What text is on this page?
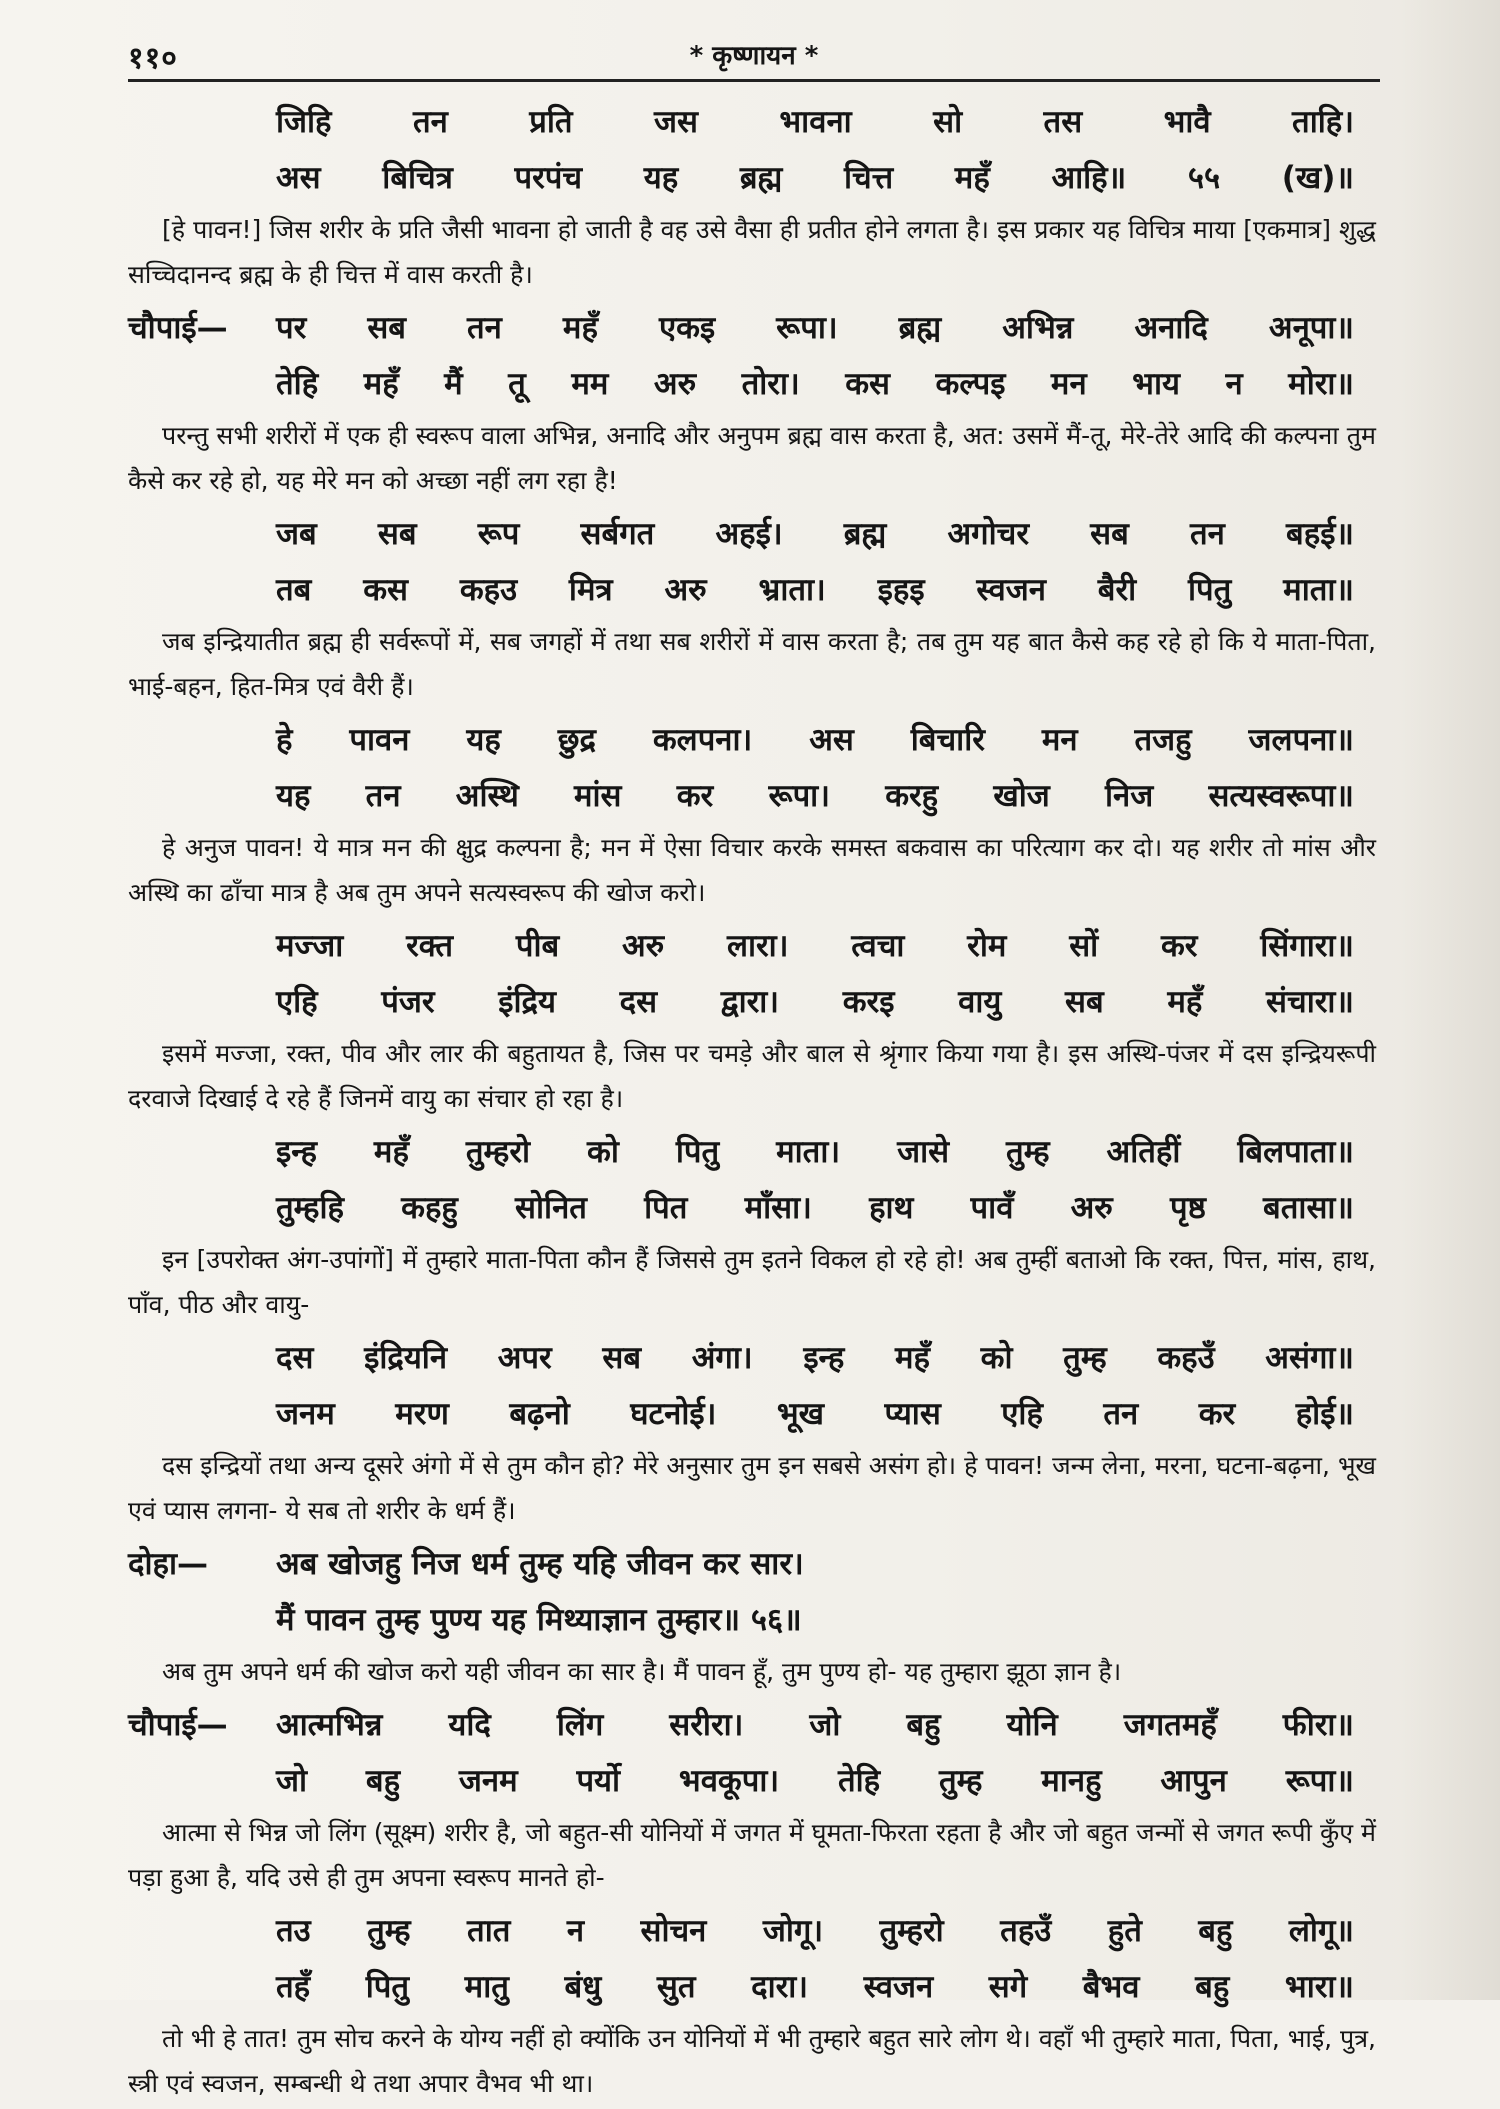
११०	* कृष्णायन *
जिहि तन प्रति जस भावना सो तस भावै ताहि।
अस बिचित्र परपंच यह ब्रह्म चित्त महँ आहि॥ ५५ (ख)॥
[हे पावन!] जिस शरीर के प्रति जैसी भावना हो जाती है वह उसे वैसा ही प्रतीत होने लगता है। इस प्रकार यह विचित्र माया [एकमात्र] शुद्ध सच्चिदानन्द ब्रह्म के ही चित्त में वास करती है।
चौपाई— पर सब तन महँ एकइ रूपा। ब्रह्म अभिन्न अनादि अनूपा॥
तेहि महँ मैं तू मम अरु तोरा। कस कल्पइ मन भाय न मोरा॥
परन्तु सभी शरीरों में एक ही स्वरूप वाला अभिन्न, अनादि और अनुपम ब्रह्म वास करता है, अत: उसमें मैं-तू, मेरे-तेरे आदि की कल्पना तुम कैसे कर रहे हो, यह मेरे मन को अच्छा नहीं लग रहा है!
जब सब रूप सर्बगत अहई। ब्रह्म अगोचर सब तन बहई॥
तब कस कहउ मित्र अरु भ्राता। इहइ स्वजन बैरी पितु माता॥
जब इन्द्रियातीत ब्रह्म ही सर्वरूपों में, सब जगहों में तथा सब शरीरों में वास करता है; तब तुम यह बात कैसे कह रहे हो कि ये माता-पिता, भाई-बहन, हित-मित्र एवं वैरी हैं।
हे पावन यह छुद्र कलपना। अस बिचारि मन तजहु जलपना॥
यह तन अस्थि मांस कर रूपा। करहु खोज निज सत्यस्वरूपा॥
हे अनुज पावन! ये मात्र मन की क्षुद्र कल्पना है; मन में ऐसा विचार करके समस्त बकवास का परित्याग कर दो। यह शरीर तो मांस और अस्थि का ढाँचा मात्र है अब तुम अपने सत्यस्वरूप की खोज करो।
मज्जा रक्त पीब अरु लारा। त्वचा रोम सों कर सिंगारा॥
एहि पंजर इंद्रिय दस द्वारा। करइ वायु सब महँ संचारा॥
इसमें मज्जा, रक्त, पीव और लार की बहुतायत है, जिस पर चमड़े और बाल से श्रृंगार किया गया है। इस अस्थि-पंजर में दस इन्द्रियरूपी दरवाजे दिखाई दे रहे हैं जिनमें वायु का संचार हो रहा है।
इन्ह महँ तुम्हरो को पितु माता। जासे तुम्ह अतिहीं बिलपाता॥
तुम्हहि कहहु सोनित पित माँसा। हाथ पावँ अरु पृष्ठ बतासा॥
इन [उपरोक्त अंग-उपांगों] में तुम्हारे माता-पिता कौन हैं जिससे तुम इतने विकल हो रहे हो! अब तुम्हीं बताओ कि रक्त, पित्त, मांस, हाथ, पाँव, पीठ और वायु-
दस इंद्रियनि अपर सब अंगा। इन्ह महँ को तुम्ह कहउँ असंगा॥
जनम मरण बढ़नो घटनोई। भूख प्यास एहि तन कर होई॥
दस इन्द्रियों तथा अन्य दूसरे अंगो में से तुम कौन हो? मेरे अनुसार तुम इन सबसे असंग हो। हे पावन! जन्म लेना, मरना, घटना-बढ़ना, भूख एवं प्यास लगना- ये सब तो शरीर के धर्म हैं।
दोहा— अब खोजहु निज धर्म तुम्ह यहि जीवन कर सार।
मैं पावन तुम्ह पुण्य यह मिथ्याज्ञान तुम्हार॥ ५६॥
अब तुम अपने धर्म की खोज करो यही जीवन का सार है। मैं पावन हूँ, तुम पुण्य हो- यह तुम्हारा झूठा ज्ञान है।
चौपाई— आत्मभिन्न यदि लिंग सरीरा। जो बहु योनि जगतमहँ फीरा॥
जो बहु जनम पर्यो भवकूपा। तेहि तुम्ह मानहु आपुन रूपा॥
आत्मा से भिन्न जो लिंग (सूक्ष्म) शरीर है, जो बहुत-सी योनियों में जगत में घूमता-फिरता रहता है और जो बहुत जन्मों से जगत रूपी कुँए में पड़ा हुआ है, यदि उसे ही तुम अपना स्वरूप मानते हो-
तउ तुम्ह तात न सोचन जोगू। तुम्हरो तहउँ हुते बहु लोगू॥
तहँ पितु मातु बंधु सुत दारा। स्वजन सगे बैभव बहु भारा॥
तो भी हे तात! तुम सोच करने के योग्य नहीं हो क्योंकि उन योनियों में भी तुम्हारे बहुत सारे लोग थे। वहाँ भी तुम्हारे माता, पिता, भाई, पुत्र, स्त्री एवं स्वजन, सम्बन्धी थे तथा अपार वैभव भी था।
